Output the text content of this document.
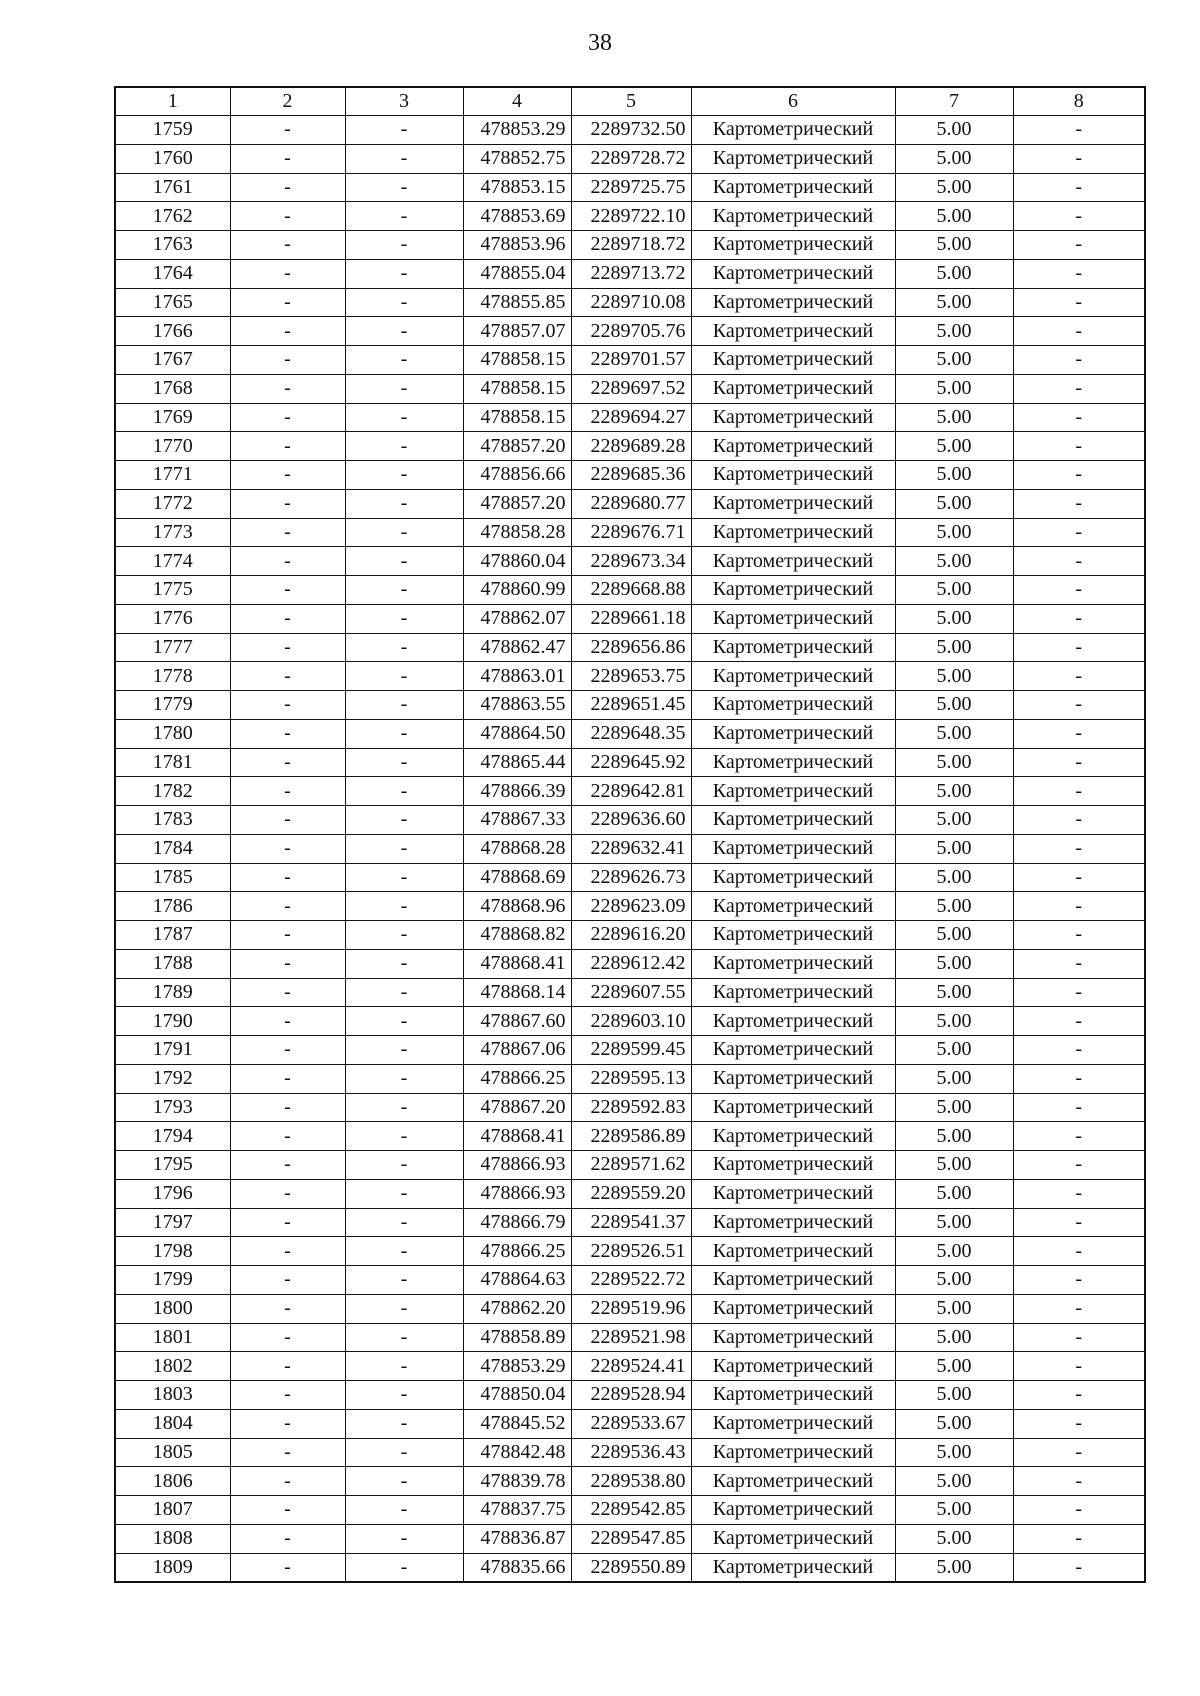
38
1	2	3	4	5	6	7	8
1759	-	-	478853.29	2289732.50	Картометрический	5.00	-
1760	-	-	478852.75	2289728.72	Картометрический	5.00	-
1761	-	-	478853.15	2289725.75	Картометрический	5.00	-
1762	-	-	478853.69	2289722.10	Картометрический	5.00	-
1763	-	-	478853.96	2289718.72	Картометрический	5.00	-
1764	-	-	478855.04	2289713.72	Картометрический	5.00	-
1765	-	-	478855.85	2289710.08	Картометрический	5.00	-
1766	-	-	478857.07	2289705.76	Картометрический	5.00	-
1767	-	-	478858.15	2289701.57	Картометрический	5.00	-
1768	-	-	478858.15	2289697.52	Картометрический	5.00	-
1769	-	-	478858.15	2289694.27	Картометрический	5.00	-
1770	-	-	478857.20	2289689.28	Картометрический	5.00	-
1771	-	-	478856.66	2289685.36	Картометрический	5.00	-
1772	-	-	478857.20	2289680.77	Картометрический	5.00	-
1773	-	-	478858.28	2289676.71	Картометрический	5.00	-
1774	-	-	478860.04	2289673.34	Картометрический	5.00	-
1775	-	-	478860.99	2289668.88	Картометрический	5.00	-
1776	-	-	478862.07	2289661.18	Картометрический	5.00	-
1777	-	-	478862.47	2289656.86	Картометрический	5.00	-
1778	-	-	478863.01	2289653.75	Картометрический	5.00	-
1779	-	-	478863.55	2289651.45	Картометрический	5.00	-
1780	-	-	478864.50	2289648.35	Картометрический	5.00	-
1781	-	-	478865.44	2289645.92	Картометрический	5.00	-
1782	-	-	478866.39	2289642.81	Картометрический	5.00	-
1783	-	-	478867.33	2289636.60	Картометрический	5.00	-
1784	-	-	478868.28	2289632.41	Картометрический	5.00	-
1785	-	-	478868.69	2289626.73	Картометрический	5.00	-
1786	-	-	478868.96	2289623.09	Картометрический	5.00	-
1787	-	-	478868.82	2289616.20	Картометрический	5.00	-
1788	-	-	478868.41	2289612.42	Картометрический	5.00	-
1789	-	-	478868.14	2289607.55	Картометрический	5.00	-
1790	-	-	478867.60	2289603.10	Картометрический	5.00	-
1791	-	-	478867.06	2289599.45	Картометрический	5.00	-
1792	-	-	478866.25	2289595.13	Картометрический	5.00	-
1793	-	-	478867.20	2289592.83	Картометрический	5.00	-
1794	-	-	478868.41	2289586.89	Картометрический	5.00	-
1795	-	-	478866.93	2289571.62	Картометрический	5.00	-
1796	-	-	478866.93	2289559.20	Картометрический	5.00	-
1797	-	-	478866.79	2289541.37	Картометрический	5.00	-
1798	-	-	478866.25	2289526.51	Картометрический	5.00	-
1799	-	-	478864.63	2289522.72	Картометрический	5.00	-
1800	-	-	478862.20	2289519.96	Картометрический	5.00	-
1801	-	-	478858.89	2289521.98	Картометрический	5.00	-
1802	-	-	478853.29	2289524.41	Картометрический	5.00	-
1803	-	-	478850.04	2289528.94	Картометрический	5.00	-
1804	-	-	478845.52	2289533.67	Картометрический	5.00	-
1805	-	-	478842.48	2289536.43	Картометрический	5.00	-
1806	-	-	478839.78	2289538.80	Картометрический	5.00	-
1807	-	-	478837.75	2289542.85	Картометрический	5.00	-
1808	-	-	478836.87	2289547.85	Картометрический	5.00	-
1809	-	-	478835.66	2289550.89	Картометрический	5.00	-
